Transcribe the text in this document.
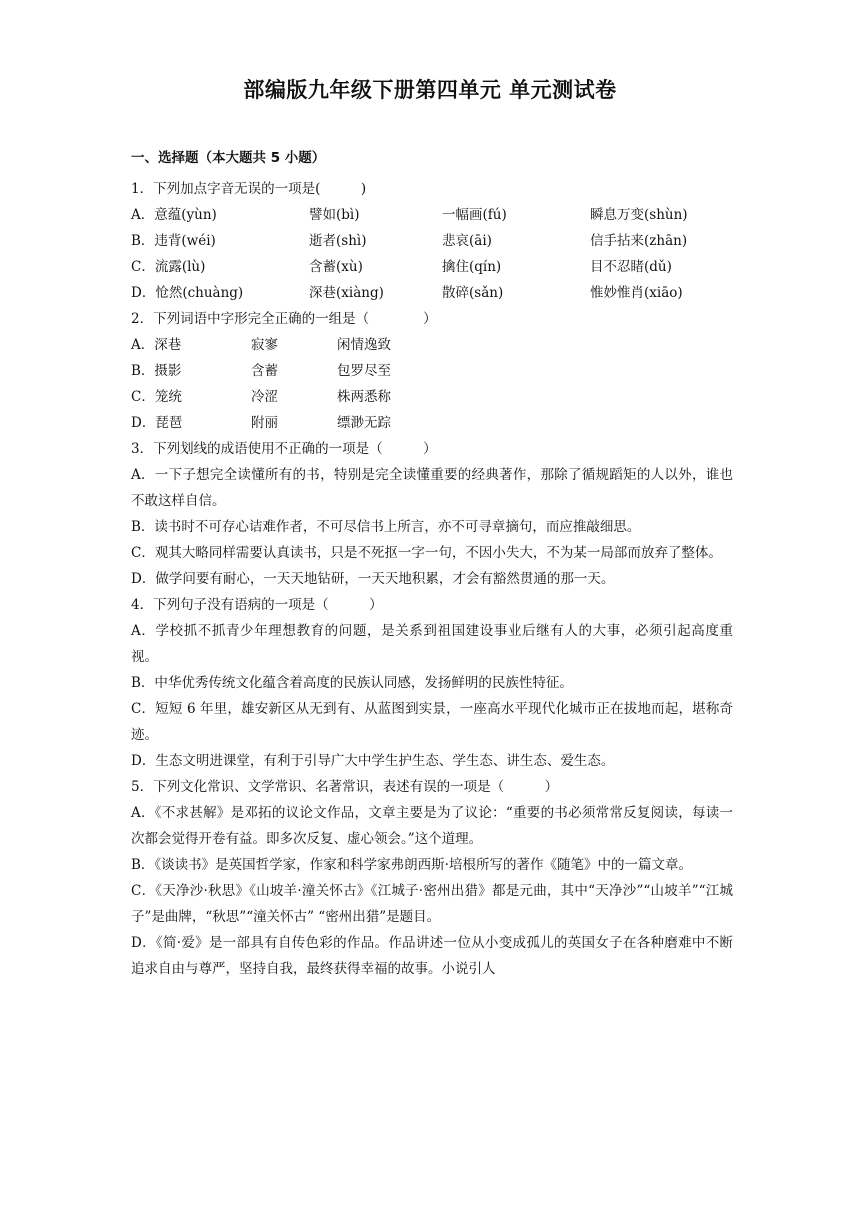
部编版九年级下册第四单元 单元测试卷
一、选择题（本大题共 5 小题）
1．下列加点字音无误的一项是(　　　)
A．意蕴(yùn)	譬如(bì)	一幅画(fú)	瞬息万变(shùn)
B．违背(wéi)	逝者(shì)	悲哀(āi)	信手拈来(zhān)
C．流露(lù)	含蓄(xù)	擒住(qín)	目不忍睹(dǔ)
D．怆然(chuàng)	深巷(xiàng)	散碎(sǎn)	惟妙惟肖(xiāo)
2．下列词语中字形完全正确的一组是（　　　　）
A．深巷	寂寥	闲情逸致
B．摄影	含蓄	包罗尽至
C．笼统	冷涩	株两悉称
D．琵琶	附丽	缥渺无踪
3．下列划线的成语使用不正确的一项是（　　　）
A．一下子想完全读懂所有的书，特别是完全读懂重要的经典著作，那除了循规蹈矩的人以外，谁也不敢这样自信。
B．读书时不可存心诘难作者，不可尽信书上所言，亦不可寻章摘句，而应推敲细思。
C．观其大略同样需要认真读书，只是不死抠一字一句，不因小失大，不为某一局部而放弃了整体。
D．做学问要有耐心，一天天地钻研，一天天地积累，才会有豁然贯通的那一天。
4．下列句子没有语病的一项是（　　　）
A．学校抓不抓青少年理想教育的问题，是关系到祖国建设事业后继有人的大事，必须引起高度重视。
B．中华优秀传统文化蕴含着高度的民族认同感，发扬鲜明的民族性特征。
C．短短 6 年里，雄安新区从无到有、从蓝图到实景，一座高水平现代化城市正在拔地而起，堪称奇迹。
D．生态文明进课堂，有利于引导广大中学生护生态、学生态、讲生态、爱生态。
5．下列文化常识、文学常识、名著常识，表述有误的一项是（　　　）
A．《不求甚解》是邓拓的议论文作品，文章主要是为了议论：“重要的书必须常常反复阅读，每读一次都会觉得开卷有益。即多次反复、虚心领会。”这个道理。
B．《谈读书》是英国哲学家，作家和科学家弗朗西斯·培根所写的著作《随笔》中的一篇文章。
C．《天净沙·秋思》《山坡羊·潼关怀古》《江城子·密州出猎》都是元曲，其中“天净沙”“山坡羊”“江城子”是曲牌，“秋思”“潼关怀古” “密州出猎”是题目。
D．《简·爱》是一部具有自传色彩的作品。作品讲述一位从小变成孤儿的英国女子在各种磨难中不断追求自由与尊严，坚持自我，最终获得幸福的故事。小说引人
